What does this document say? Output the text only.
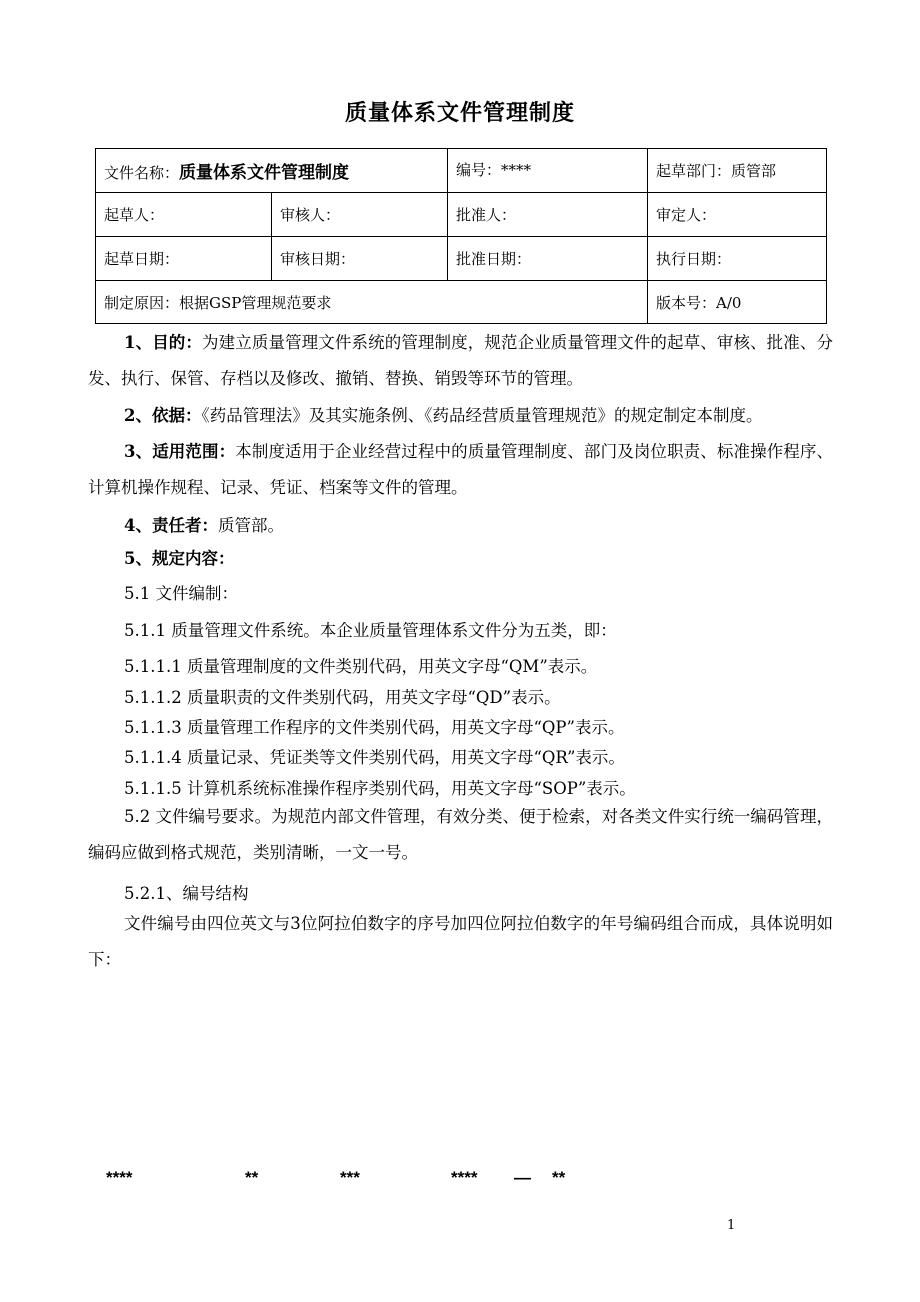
质量体系文件管理制度
文件名称：质量体系文件管理制度		编号：****	起草部门：质管部
起草人：	审核人：	批准人：	审定人：
起草日期：	审核日期：	批准日期：	执行日期：
制定原因：根据GSP管理规范要求			版本号：A/0
1、目的：为建立质量管理文件系统的管理制度，规范企业质量管理文件的起草、审核、批准、分发、执行、保管、存档以及修改、撤销、替换、销毁等环节的管理。
2、依据：《药品管理法》及其实施条例、《药品经营质量管理规范》的规定制定本制度。
3、适用范围：本制度适用于企业经营过程中的质量管理制度、部门及岗位职责、标准操作程序、计算机操作规程、记录、凭证、档案等文件的管理。
4、责任者：质管部。
5、规定内容：
5.1 文件编制：
5.1.1 质量管理文件系统。本企业质量管理体系文件分为五类，即：
5.1.1.1 质量管理制度的文件类别代码，用英文字母“QM”表示。
5.1.1.2 质量职责的文件类别代码，用英文字母“QD”表示。
5.1.1.3 质量管理工作程序的文件类别代码，用英文字母“QP”表示。
5.1.1.4 质量记录、凭证类等文件类别代码，用英文字母“QR”表示。
5.1.1.5 计算机系统标准操作程序类别代码，用英文字母“SOP”表示。
5.2 文件编号要求。为规范内部文件管理，有效分类、便于检索，对各类文件实行统一编码管理，编码应做到格式规范，类别清晰，一文一号。
5.2.1、编号结构
文件编号由四位英文与3位阿拉伯数字的序号加四位阿拉伯数字的年号编码组合而成，具体说明如下：
****	**	***	**** — **
1
